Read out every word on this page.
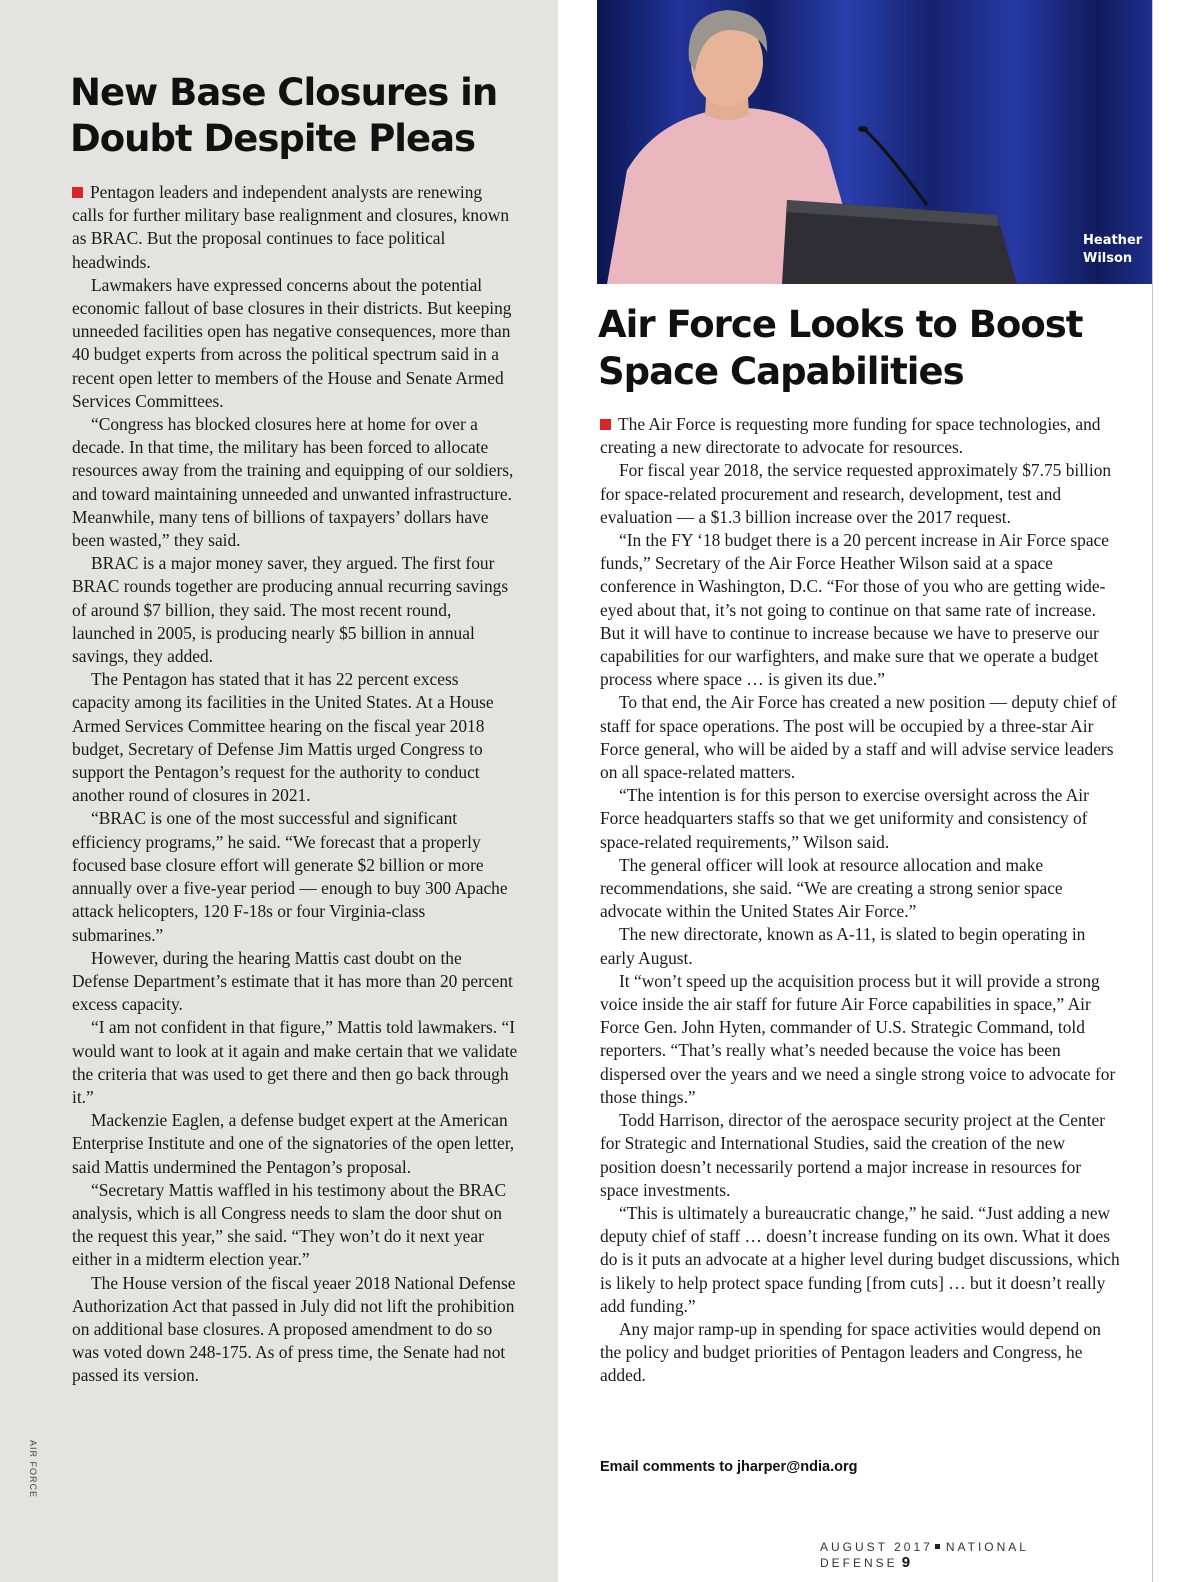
AIR FORCE
New Base Closures in Doubt Despite Pleas

Pentagon leaders and independent analysts are renewing calls for further military base realignment and closures, known as BRAC. But the proposal continues to face political headwinds.

Lawmakers have expressed concerns about the potential economic fallout of base closures in their districts. But keeping unneeded facilities open has negative consequences, more than 40 budget experts from across the political spectrum said in a recent open letter to members of the House and Senate Armed Services Committees.

“Congress has blocked closures here at home for over a decade. In that time, the military has been forced to allocate resources away from the training and equipping of our soldiers, and toward maintaining unneeded and unwanted infrastructure. Meanwhile, many tens of billions of taxpayers’ dollars have been wasted,” they said.

BRAC is a major money saver, they argued. The first four BRAC rounds together are producing annual recurring savings of around $7 billion, they said. The most recent round, launched in 2005, is producing nearly $5 billion in annual savings, they added.

The Pentagon has stated that it has 22 percent excess capacity among its facilities in the United States. At a House Armed Services Committee hearing on the fiscal year 2018 budget, Secretary of Defense Jim Mattis urged Congress to support the Pentagon’s request for the authority to conduct another round of closures in 2021.

“BRAC is one of the most successful and significant efficiency programs,” he said. “We forecast that a properly focused base closure effort will generate $2 billion or more annually over a five-year period — enough to buy 300 Apache attack helicopters, 120 F-18s or four Virginia-class submarines.”

However, during the hearing Mattis cast doubt on the Defense Department’s estimate that it has more than 20 percent excess capacity.

“I am not confident in that figure,” Mattis told lawmakers. “I would want to look at it again and make certain that we validate the criteria that was used to get there and then go back through it.”

Mackenzie Eaglen, a defense budget expert at the American Enterprise Institute and one of the signatories of the open letter, said Mattis undermined the Pentagon’s proposal.

“Secretary Mattis waffled in his testimony about the BRAC analysis, which is all Congress needs to slam the door shut on the request this year,” she said. “They won’t do it next year either in a midterm election year.”

The House version of the fiscal yeaer 2018 National Defense Authorization Act that passed in July did not lift the prohibition on additional base closures. A proposed amendment to do so was voted down 248-175. As of press time, the Senate had not passed its version.

Heather
Wilson
Air Force Looks to Boost Space Capabilities

The Air Force is requesting more funding for space technologies, and creating a new directorate to advocate for resources.

For fiscal year 2018, the service requested approximately $7.75 billion for space-related procurement and research, development, test and evaluation — a $1.3 billion increase over the 2017 request.

“In the FY ‘18 budget there is a 20 percent increase in Air Force space funds,” Secretary of the Air Force Heather Wilson said at a space conference in Washington, D.C. “For those of you who are getting wide-eyed about that, it’s not going to continue on that same rate of increase. But it will have to continue to increase because we have to preserve our capabilities for our warfighters, and make sure that we operate a budget process where space … is given its due.”

To that end, the Air Force has created a new position — deputy chief of staff for space operations. The post will be occupied by a three-star Air Force general, who will be aided by a staff and will advise service leaders on all space-related matters.

“The intention is for this person to exercise oversight across the Air Force headquarters staffs so that we get uniformity and consistency of space-related requirements,” Wilson said.

The general officer will look at resource allocation and make recommendations, she said. “We are creating a strong senior space advocate within the United States Air Force.”

The new directorate, known as A-11, is slated to begin operating in early August.

It “won’t speed up the acquisition process but it will provide a strong voice inside the air staff for future Air Force capabilities in space,” Air Force Gen. John Hyten, commander of U.S. Strategic Command, told reporters. “That’s really what’s needed because the voice has been dispersed over the years and we need a single strong voice to advocate for those things.”

Todd Harrison, director of the aerospace security project at the Center for Strategic and International Studies, said the creation of the new position doesn’t necessarily portend a major increase in resources for space investments.

“This is ultimately a bureaucratic change,” he said. “Just adding a new deputy chief of staff … doesn’t increase funding on its own. What it does do is it puts an advocate at a higher level during budget discussions, which is likely to help protect space funding [from cuts] … but it doesn’t really add funding.”

Any major ramp-up in spending for space activities would depend on the policy and budget priorities of Pentagon leaders and Congress, he added.

Email comments to jharper@ndia.org
AUGUST 2017 NATIONAL DEFENSE 9
